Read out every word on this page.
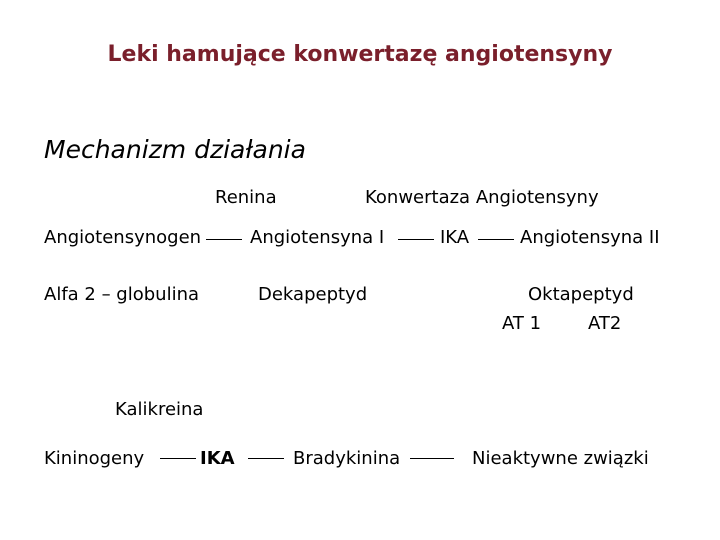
Leki hamujące konwertazę angiotensyny
Mechanizm działania
Renina	Konwertaza Angiotensyny
Angiotensynogen	Angiotensyna I	IKA	Angiotensyna II
Alfa 2 – globulina	Dekapeptyd	Oktapeptyd
AT 1	AT2
Kalikreina
Kininogeny	IKA	Bradykinina	Nieaktywne związki
